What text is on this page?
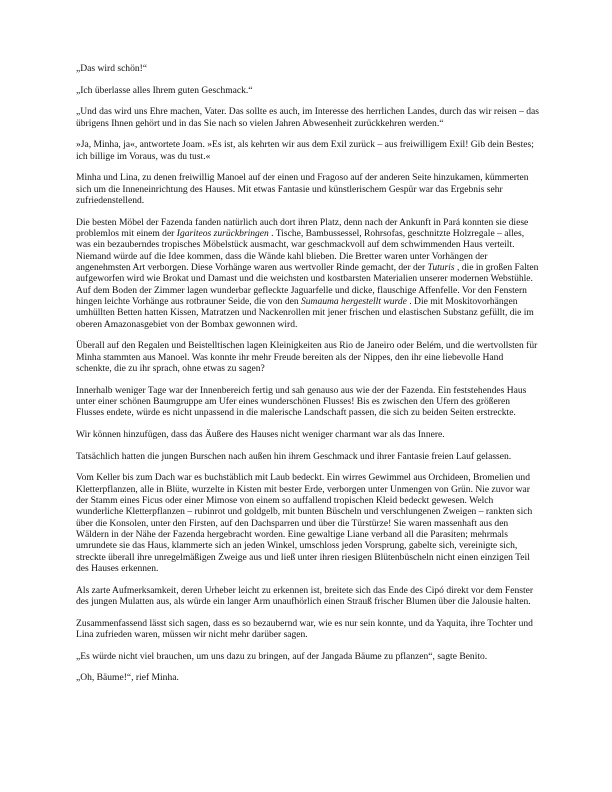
„Das wird schön!“

„Ich überlasse alles Ihrem guten Geschmack.“

„Und das wird uns Ehre machen, Vater. Das sollte es auch, im Interesse des herrlichen Landes, durch das wir reisen – das übrigens Ihnen gehört und in das Sie nach so vielen Jahren Abwesenheit zurückkehren werden.“

»Ja, Minha, ja«, antwortete Joam. »Es ist, als kehrten wir aus dem Exil zurück – aus freiwilligem Exil! Gib dein Bestes; ich billige im Voraus, was du tust.«

Minha und Lina, zu denen freiwillig Manoel auf der einen und Fragoso auf der anderen Seite hinzukamen, kümmerten sich um die Inneneinrichtung des Hauses. Mit etwas Fantasie und künstlerischem Gespür war das Ergebnis sehr zufriedenstellend.

Die besten Möbel der Fazenda fanden natürlich auch dort ihren Platz, denn nach der Ankunft in Pará konnten sie diese problemlos mit einem der Igariteos zurückbringen . Tische, Bambussessel, Rohrsofas, geschnitzte Holzregale – alles, was ein bezauberndes tropisches Möbelstück ausmacht, war geschmackvoll auf dem schwimmenden Haus verteilt. Niemand würde auf die Idee kommen, dass die Wände kahl blieben. Die Bretter waren unter Vorhängen der angenehmsten Art verborgen. Diese Vorhänge waren aus wertvoller Rinde gemacht, der der Tuturis , die in großen Falten aufgeworfen wird wie Brokat und Damast und die weichsten und kostbarsten Materialien unserer modernen Webstühle. Auf dem Boden der Zimmer lagen wunderbar gefleckte Jaguarfelle und dicke, flauschige Affenfelle. Vor den Fenstern hingen leichte Vorhänge aus rotbrauner Seide, die von den Sumauma hergestellt wurde . Die mit Moskitovorhängen umhüllten Betten hatten Kissen, Matratzen und Nackenrollen mit jener frischen und elastischen Substanz gefüllt, die im oberen Amazonasgebiet von der Bombax gewonnen wird.

Überall auf den Regalen und Beistelltischen lagen Kleinigkeiten aus Rio de Janeiro oder Belém, und die wertvollsten für Minha stammten aus Manoel. Was konnte ihr mehr Freude bereiten als der Nippes, den ihr eine liebevolle Hand schenkte, die zu ihr sprach, ohne etwas zu sagen?

Innerhalb weniger Tage war der Innenbereich fertig und sah genauso aus wie der der Fazenda. Ein feststehendes Haus unter einer schönen Baumgruppe am Ufer eines wunderschönen Flusses! Bis es zwischen den Ufern des größeren Flusses endete, würde es nicht unpassend in die malerische Landschaft passen, die sich zu beiden Seiten erstreckte.

Wir können hinzufügen, dass das Äußere des Hauses nicht weniger charmant war als das Innere.

Tatsächlich hatten die jungen Burschen nach außen hin ihrem Geschmack und ihrer Fantasie freien Lauf gelassen.

Vom Keller bis zum Dach war es buchstäblich mit Laub bedeckt. Ein wirres Gewimmel aus Orchideen, Bromelien und Kletterpflanzen, alle in Blüte, wurzelte in Kisten mit bester Erde, verborgen unter Unmengen von Grün. Nie zuvor war der Stamm eines Ficus oder einer Mimose von einem so auffallend tropischen Kleid bedeckt gewesen. Welch wunderliche Kletterpflanzen – rubinrot und goldgelb, mit bunten Büscheln und verschlungenen Zweigen – rankten sich über die Konsolen, unter den Firsten, auf den Dachsparren und über die Türstürze! Sie waren massenhaft aus den Wäldern in der Nähe der Fazenda hergebracht worden. Eine gewaltige Liane verband all die Parasiten; mehrmals umrundete sie das Haus, klammerte sich an jeden Winkel, umschloss jeden Vorsprung, gabelte sich, vereinigte sich, streckte überall ihre unregelmäßigen Zweige aus und ließ unter ihren riesigen Blütenbüscheln nicht einen einzigen Teil des Hauses erkennen.

Als zarte Aufmerksamkeit, deren Urheber leicht zu erkennen ist, breitete sich das Ende des Cipó direkt vor dem Fenster des jungen Mulatten aus, als würde ein langer Arm unaufhörlich einen Strauß frischer Blumen über die Jalousie halten.

Zusammenfassend lässt sich sagen, dass es so bezaubernd war, wie es nur sein konnte, und da Yaquita, ihre Tochter und Lina zufrieden waren, müssen wir nicht mehr darüber sagen.

„Es würde nicht viel brauchen, um uns dazu zu bringen, auf der Jangada Bäume zu pflanzen“, sagte Benito.

„Oh, Bäume!“, rief Minha.
